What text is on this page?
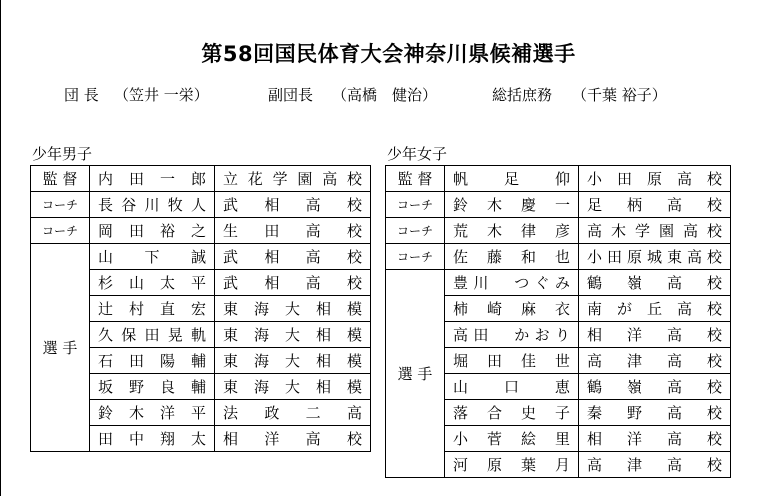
第58回国民体育大会神奈川県候補選手
団 長 （笠井 一栄）	副団長 （高橋　健治）	総括庶務 （千葉 裕子）
少年男子	少年女子
監 督	内　田　一　郎	立花学園高校
コーチ	長谷川牧人	武　相　高　校
コーチ	岡　田　裕　之	生　田　高　校
選 手	山　下　誠	武　相　高　校
	杉　山　太　平	武　相　高　校
	辻　村　直　宏	東海大相模
	久保田晃軌	東海大相模
	石　田　陽　輔	東海大相模
	坂　野　良　輔	東海大相模
	鈴　木　洋　平	法　政　二　高
	田　中　翔　太	相　洋　高　校
監 督	帆　足　仰	小田原高校
コーチ	鈴　木　慶　一	足　柄　高　校
コーチ	荒　木　律　彦	高木学園高校
コーチ	佐　藤　和　也	小田原城東高校
選 手	豊川　つぐみ	鶴　嶺　高　校
	柿　崎　麻　衣	南が丘高校
	高田　かおり	相　洋　高　校
	堀　田　佳　世	高　津　高　校
	山　口　恵	鶴　嶺　高　校
	落　合　史　子	秦　野　高　校
	小　菅　絵　里	相　洋　高　校
	河　原　葉　月	高　津　高　校
